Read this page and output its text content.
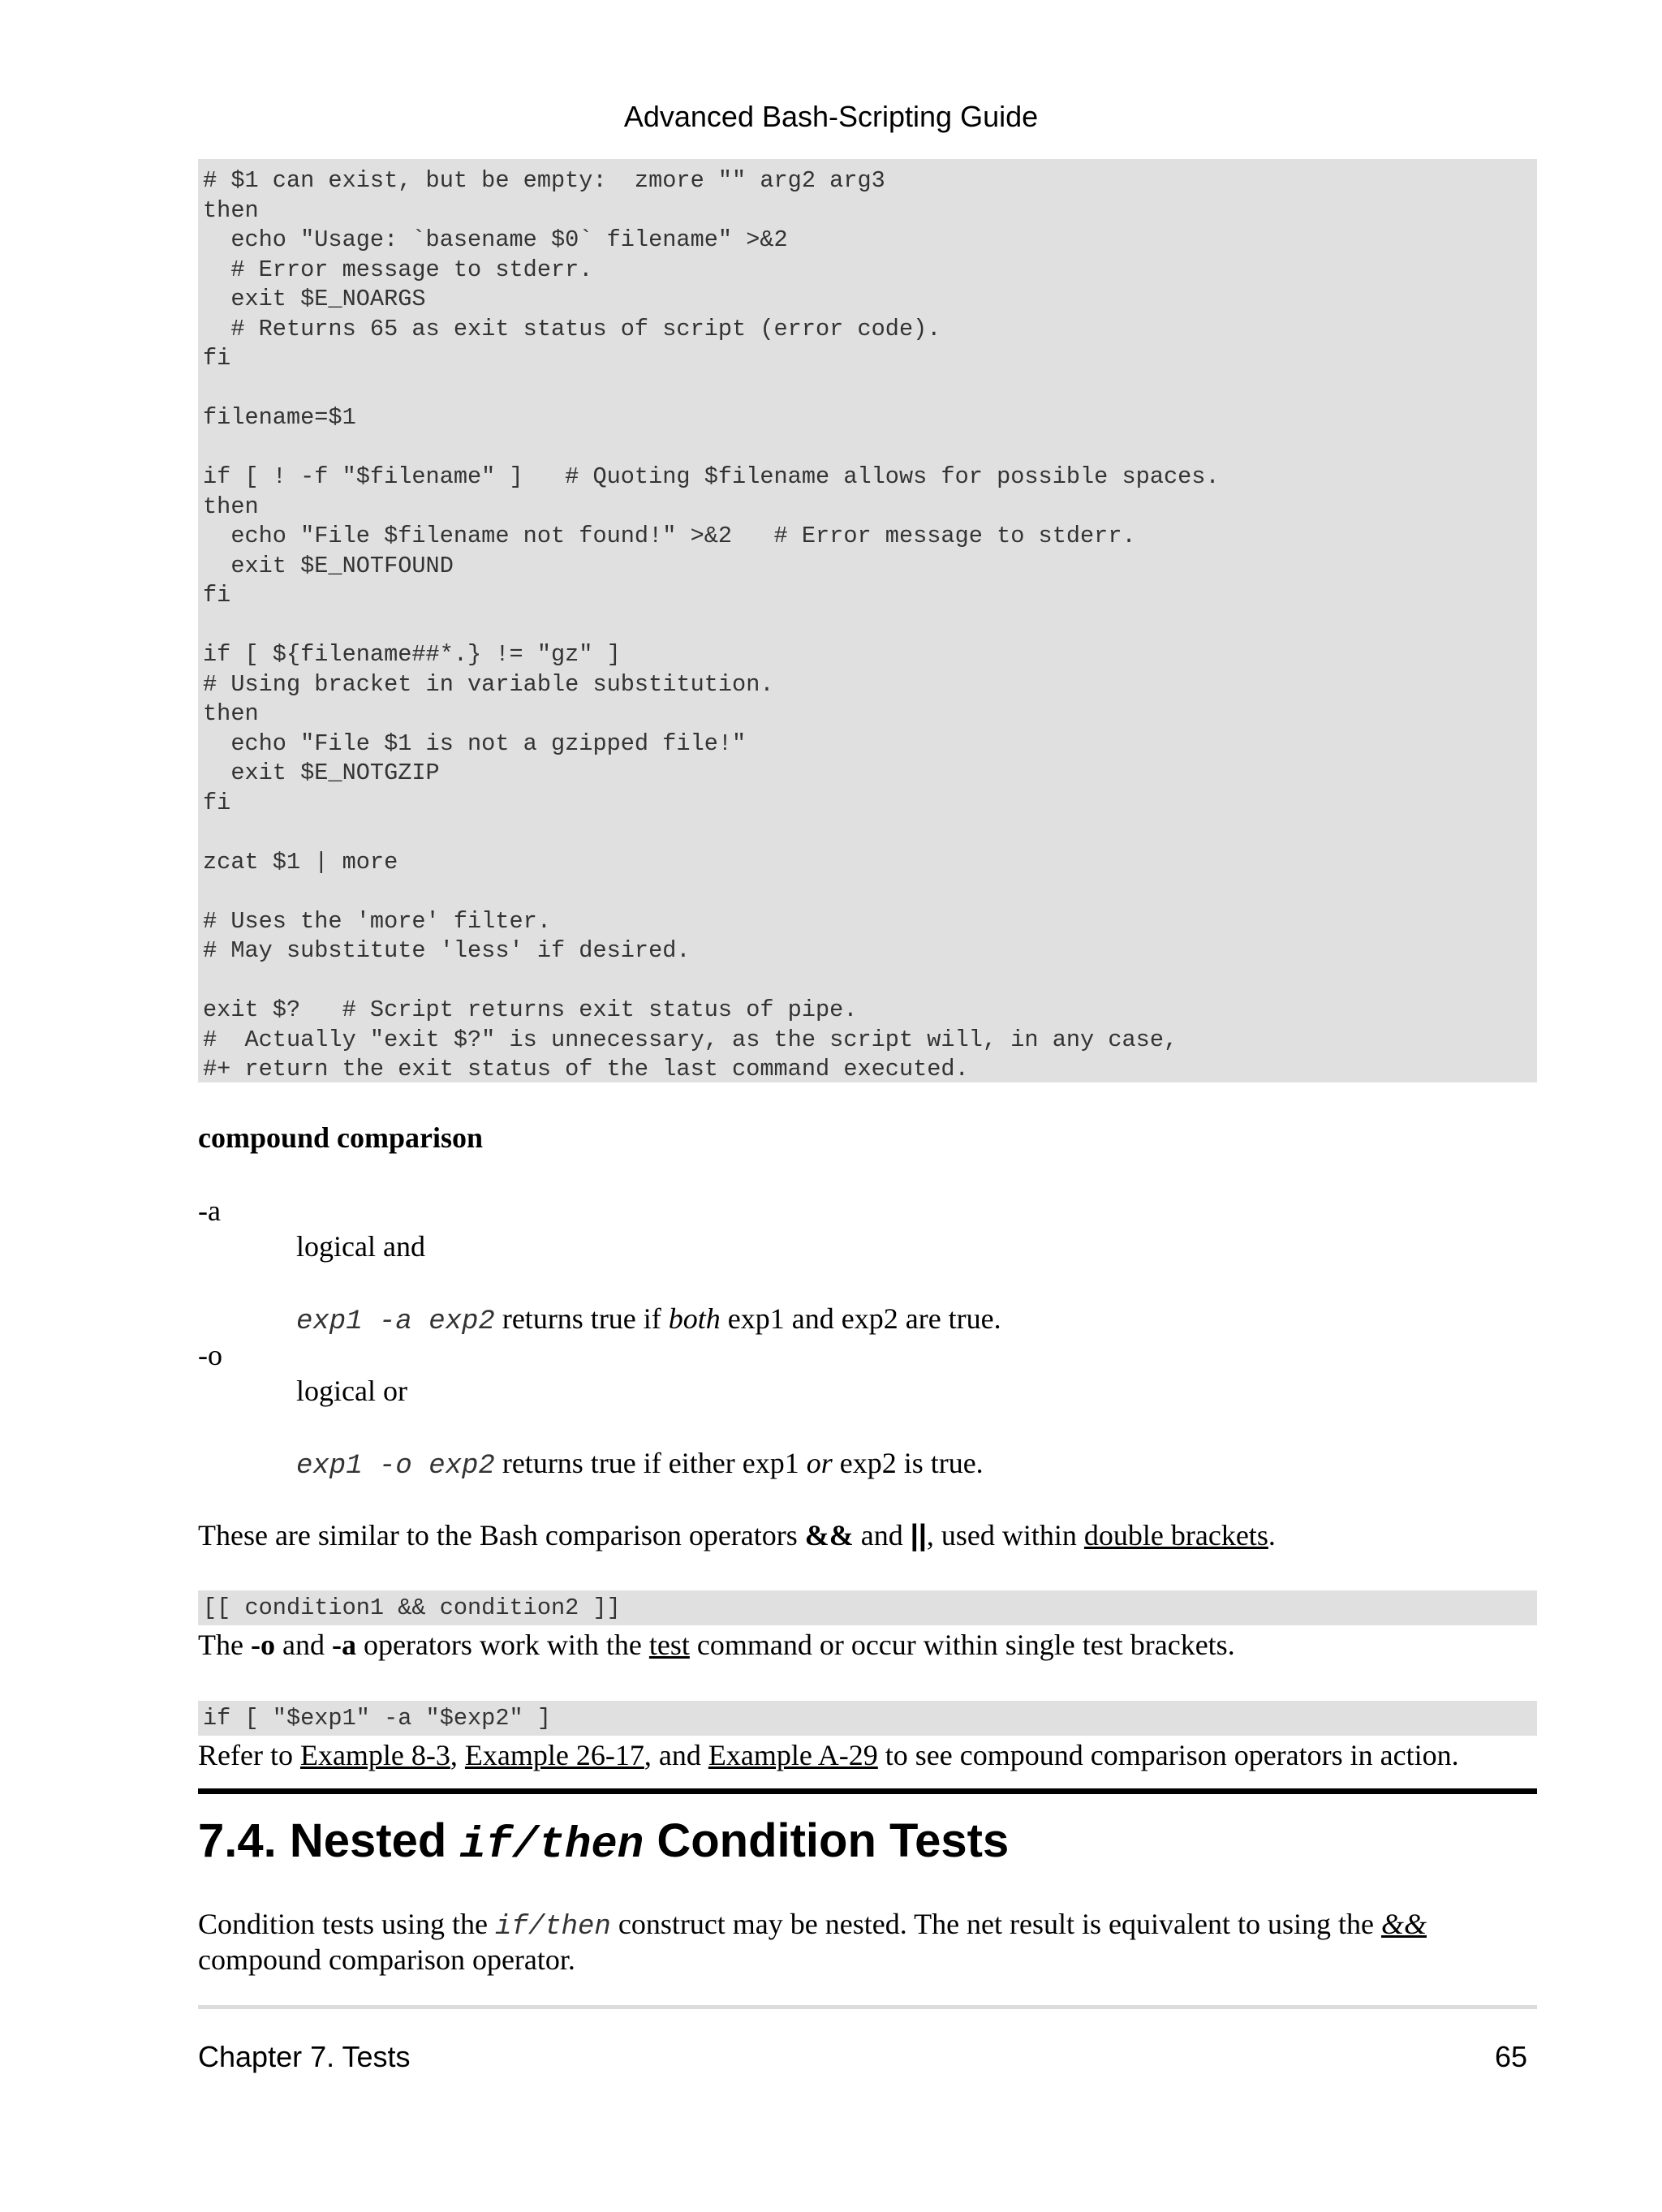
Advanced Bash-Scripting Guide
# $1 can exist, but be empty:  zmore "" arg2 arg3
then
echo "Usage: `basename $0` filename" >&2
# Error message to stderr.
exit $E_NOARGS
# Returns 65 as exit status of script (error code).
fi
filename=$1
if [ ! -f "$filename" ]   # Quoting $filename allows for possible spaces.
then
echo "File $filename not found!" >&2   # Error message to stderr.
exit $E_NOTFOUND
fi
if [ ${filename##*.} != "gz" ]
# Using bracket in variable substitution.
then
echo "File $1 is not a gzipped file!"
exit $E_NOTGZIP
fi
zcat $1 | more
# Uses the 'more' filter.
# May substitute 'less' if desired.
exit $?   # Script returns exit status of pipe.
#  Actually "exit $?" is unnecessary, as the script will, in any case,
#+ return the exit status of the last command executed.
compound comparison
-a
logical and
exp1 -a exp2 returns true if both exp1 and exp2 are true.
-o
logical or
exp1 -o exp2 returns true if either exp1 or exp2 is true.
These are similar to the Bash comparison operators && and ||, used within double brackets.
[[ condition1 && condition2 ]]
The -o and -a operators work with the test command or occur within single test brackets.
if [ "$exp1" -a "$exp2" ]
Refer to Example 8-3, Example 26-17, and Example A-29 to see compound comparison operators in action.
7.4. Nested if/then Condition Tests
Condition tests using the if/then construct may be nested. The net result is equivalent to using the &&
compound comparison operator.
Chapter 7. Tests	65
